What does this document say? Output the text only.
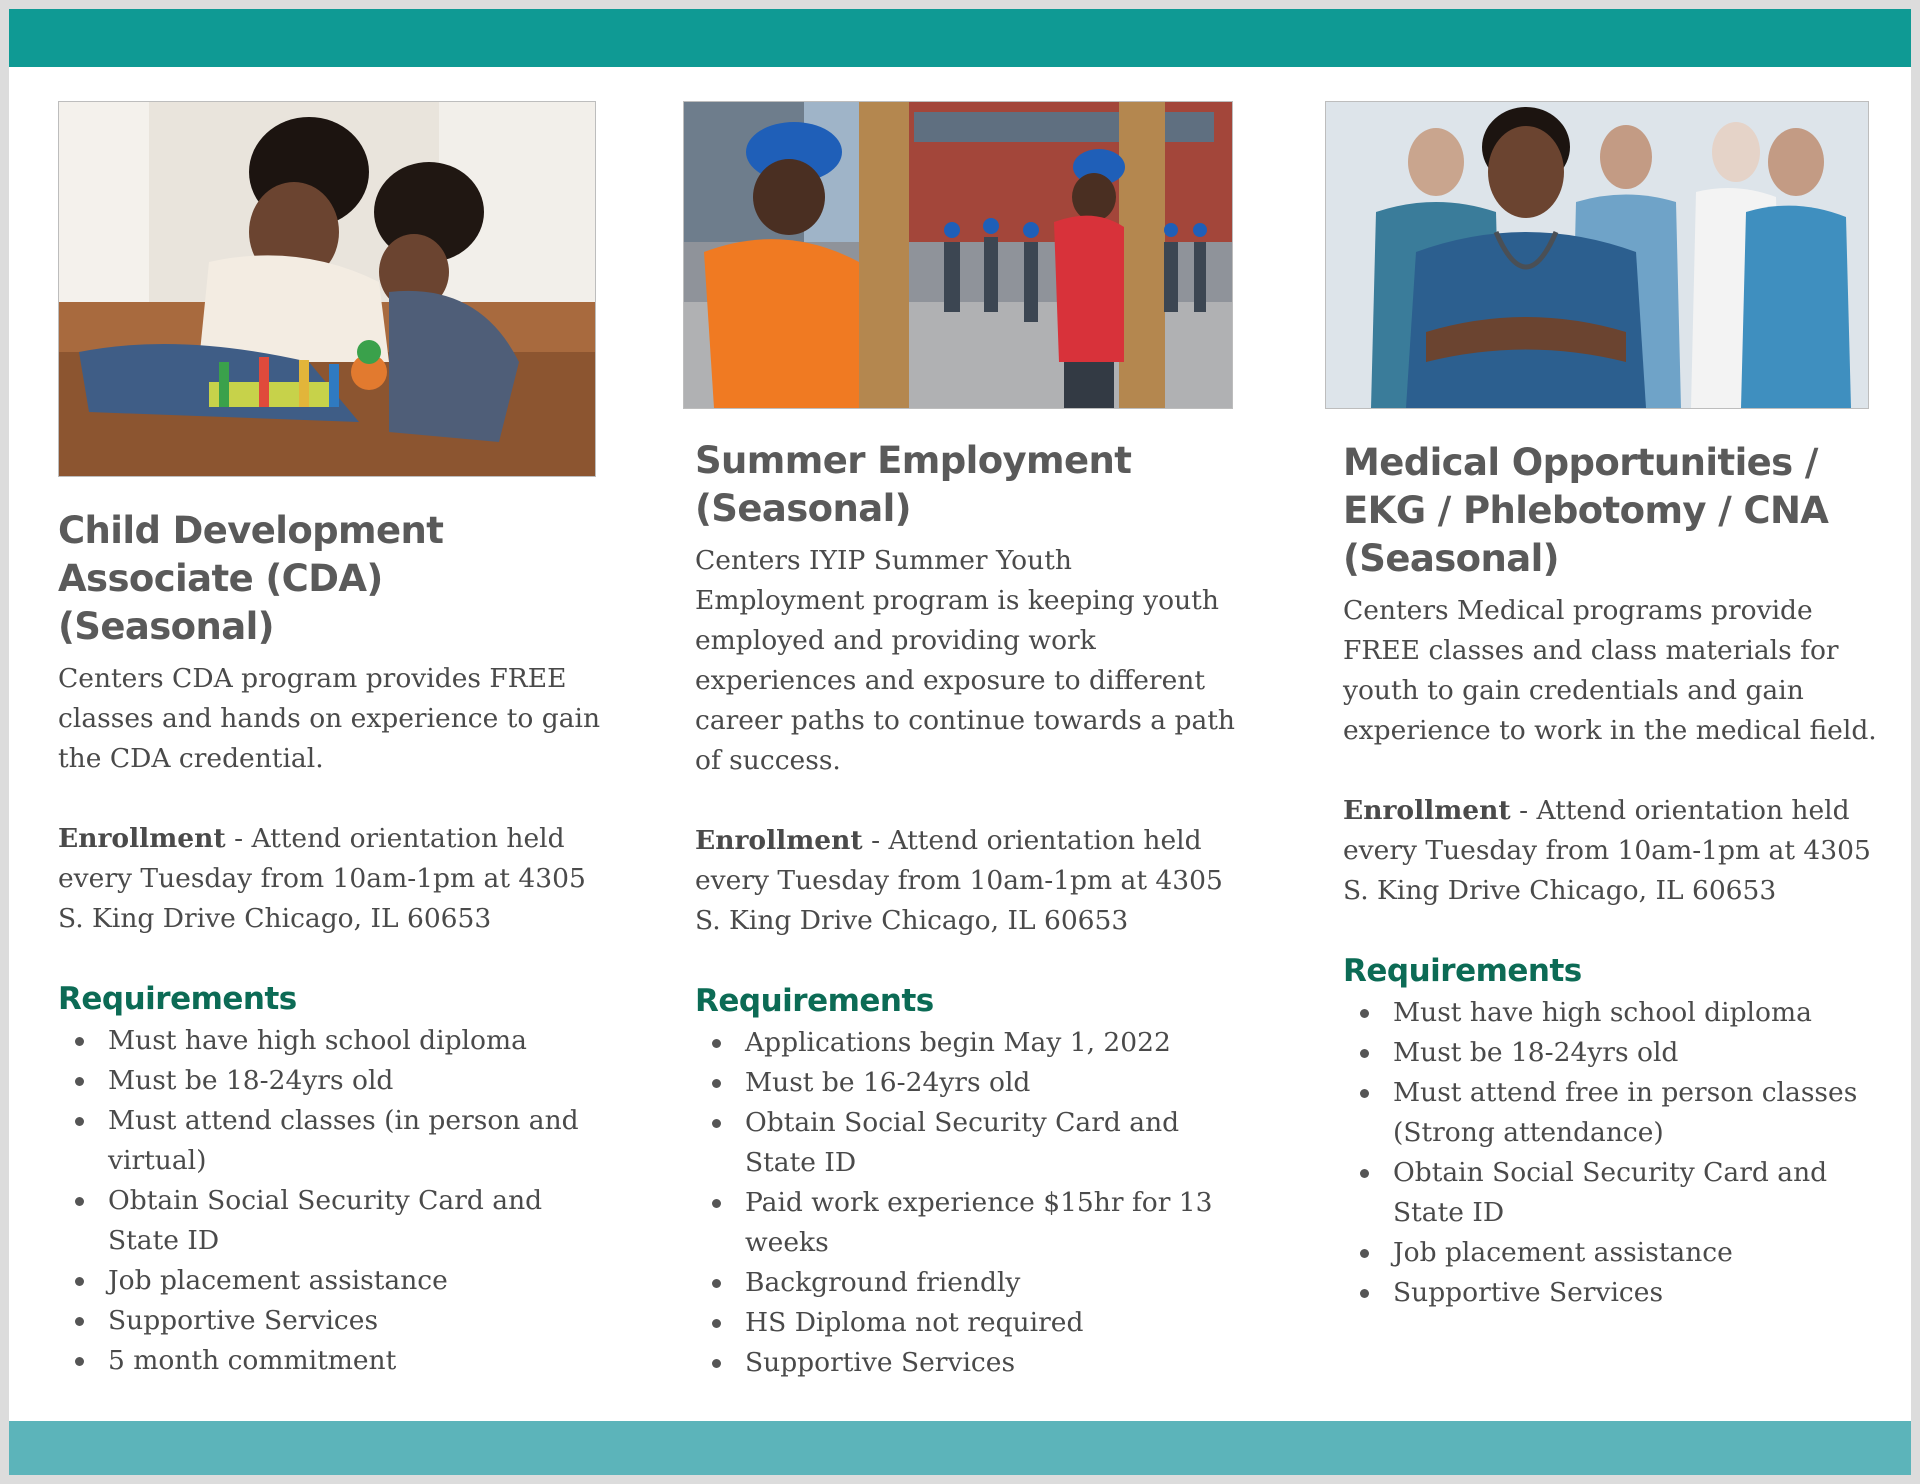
Child Development Associate (CDA) (Seasonal)

Centers CDA program provides FREE classes and hands on experience to gain the CDA credential.

Enrollment - Attend orientation held every Tuesday from 10am-1pm at 4305 S. King Drive Chicago, IL 60653

Requirements
Must have high school diploma
Must be 18-24yrs old
Must attend classes (in person and virtual)
Obtain Social Security Card and State ID
Job placement assistance
Supportive Services
5 month commitment
Summer Employment (Seasonal)

Centers IYIP Summer Youth Employment program is keeping youth employed and providing work experiences and exposure to different career paths to continue towards a path of success.

Enrollment - Attend orientation held every Tuesday from 10am-1pm at 4305 S. King Drive Chicago, IL 60653

Requirements
Applications begin May 1, 2022
Must be 16-24yrs old
Obtain Social Security Card and State ID
Paid work experience $15hr for 13 weeks
Background friendly
HS Diploma not required
Supportive Services
Medical Opportunities / EKG / Phlebotomy / CNA (Seasonal)

Centers Medical programs provide FREE classes and class materials for youth to gain credentials and gain experience to work in the medical field.

Enrollment - Attend orientation held every Tuesday from 10am-1pm at 4305 S. King Drive Chicago, IL 60653

Requirements
Must have high school diploma
Must be 18-24yrs old
Must attend free in person classes (Strong attendance)
Obtain Social Security Card and State ID
Job placement assistance
Supportive Services
